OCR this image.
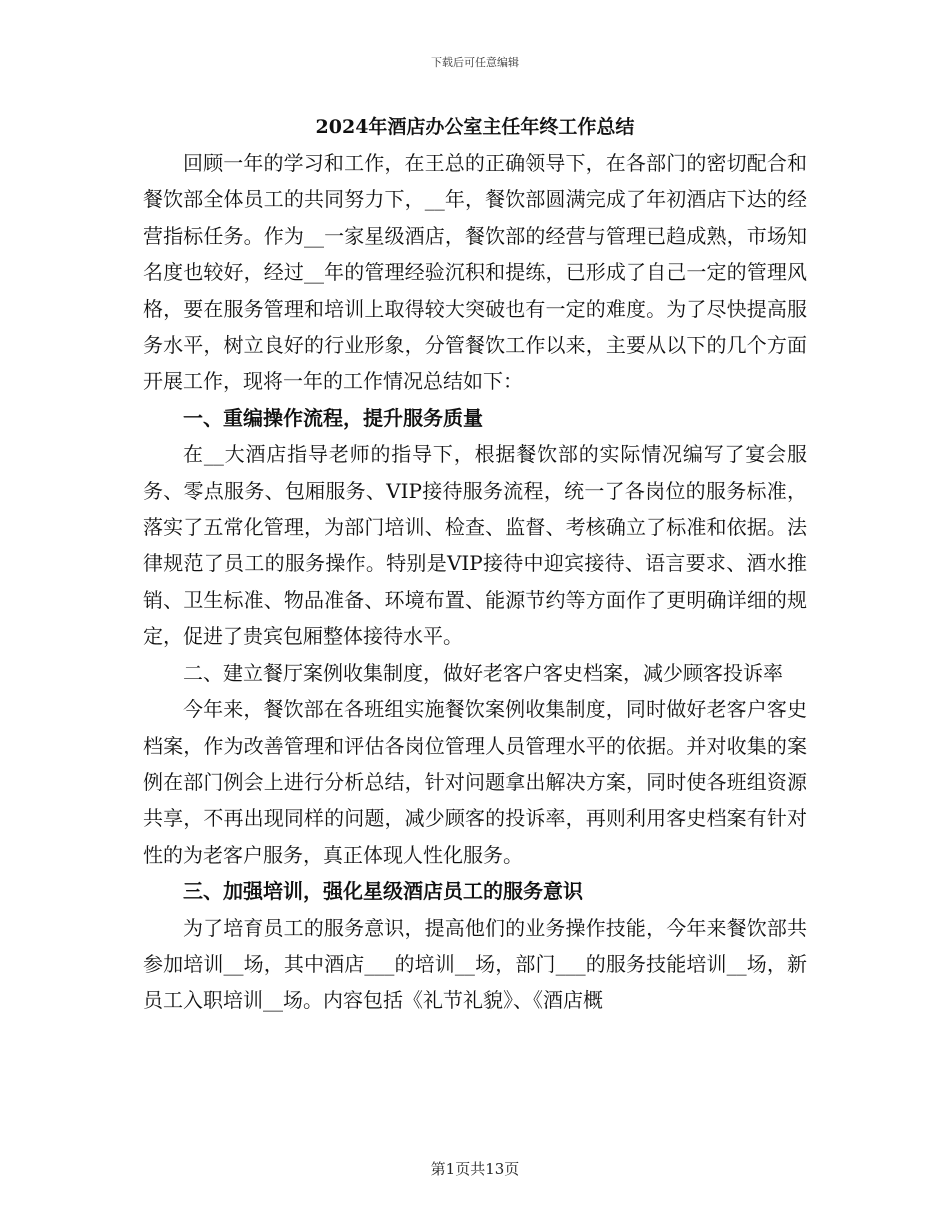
下载后可任意编辑
2024年酒店办公室主任年终工作总结

回顾一年的学习和工作，在王总的正确领导下，在各部门的密切配合和餐饮部全体员工的共同努力下，__年，餐饮部圆满完成了年初酒店下达的经营指标任务。作为__一家星级酒店，餐饮部的经营与管理已趋成熟，市场知名度也较好，经过__年的管理经验沉积和提练，已形成了自己一定的管理风格，要在服务管理和培训上取得较大突破也有一定的难度。为了尽快提高服务水平，树立良好的行业形象，分管餐饮工作以来，主要从以下的几个方面开展工作，现将一年的工作情况总结如下：

一、重编操作流程，提升服务质量

在__大酒店指导老师的指导下，根据餐饮部的实际情况编写了宴会服务、零点服务、包厢服务、VIP接待服务流程，统一了各岗位的服务标准，落实了五常化管理，为部门培训、检查、监督、考核确立了标准和依据。法律规范了员工的服务操作。特别是VIP接待中迎宾接待、语言要求、酒水推销、卫生标准、物品准备、环境布置、能源节约等方面作了更明确详细的规定，促进了贵宾包厢整体接待水平。

二、建立餐厅案例收集制度，做好老客户客史档案，减少顾客投诉率

今年来，餐饮部在各班组实施餐饮案例收集制度，同时做好老客户客史档案，作为改善管理和评估各岗位管理人员管理水平的依据。并对收集的案例在部门例会上进行分析总结，针对问题拿出解决方案，同时使各班组资源共享，不再出现同样的问题，减少顾客的投诉率，再则利用客史档案有针对性的为老客户服务，真正体现人性化服务。

三、加强培训，强化星级酒店员工的服务意识

为了培育员工的服务意识，提高他们的业务操作技能，今年来餐饮部共参加培训__场，其中酒店___的培训__场，部门___的服务技能培训__场，新员工入职培训__场。内容包括《礼节礼貌》、《酒店概

第1页共13页
